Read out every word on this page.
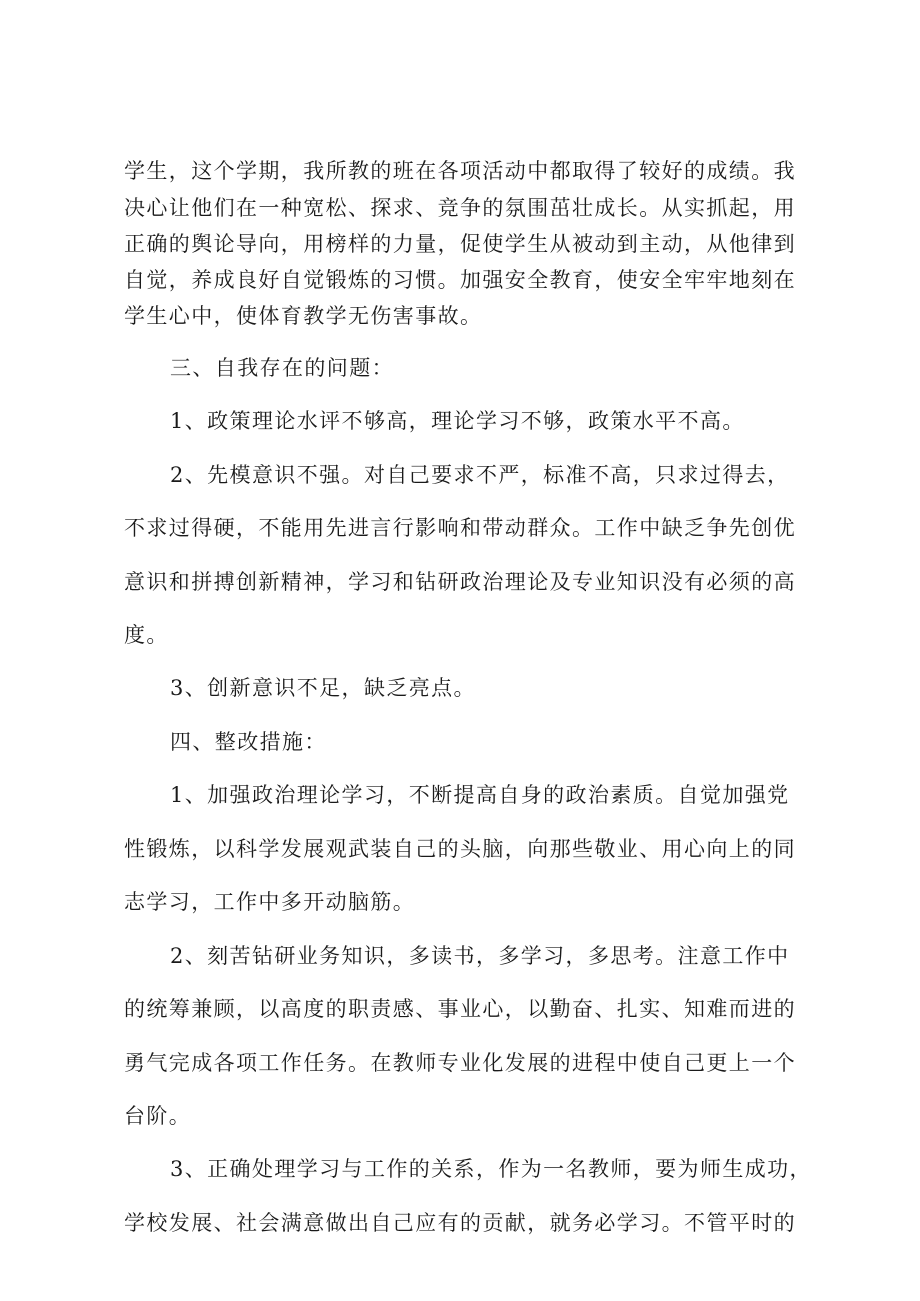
学生，这个学期，我所教的班在各项活动中都取得了较好的成绩。我
决心让他们在一种宽松、探求、竞争的氛围茁壮成长。从实抓起，用
正确的舆论导向，用榜样的力量，促使学生从被动到主动，从他律到
自觉，养成良好自觉锻炼的习惯。加强安全教育，使安全牢牢地刻在
学生心中，使体育教学无伤害事故。
三、自我存在的问题：
1、政策理论水评不够高，理论学习不够，政策水平不高。
2、先模意识不强。对自己要求不严，标准不高，只求过得去，
不求过得硬，不能用先进言行影响和带动群众。工作中缺乏争先创优
意识和拼搏创新精神，学习和钻研政治理论及专业知识没有必须的高
度。
3、创新意识不足，缺乏亮点。
四、整改措施：
1、加强政治理论学习，不断提高自身的政治素质。自觉加强党
性锻炼，以科学发展观武装自己的头脑，向那些敬业、用心向上的同
志学习，工作中多开动脑筋。
2、刻苦钻研业务知识，多读书，多学习，多思考。注意工作中
的统筹兼顾，以高度的职责感、事业心，以勤奋、扎实、知难而进的
勇气完成各项工作任务。在教师专业化发展的进程中使自己更上一个
台阶。
3、正确处理学习与工作的关系，作为一名教师，要为师生成功，
学校发展、社会满意做出自己应有的贡献，就务必学习。不管平时的
